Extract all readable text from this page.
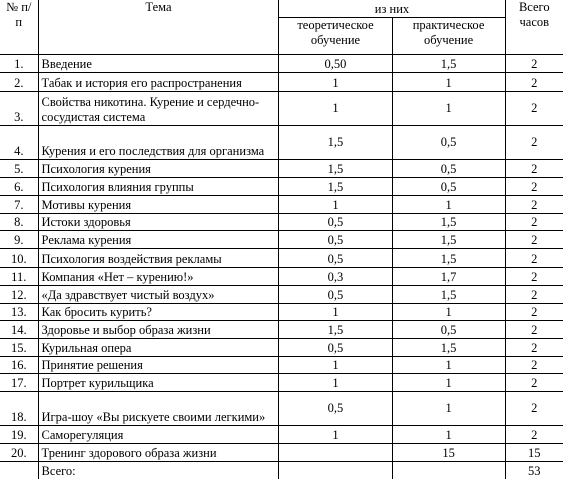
№ п/п	Тема	из них		Всего часов
		теоретическое обучение	практическое обучение	
1.	Введение	0,50	1,5	2
2.	Табак и история его распространения	1	1	2
3.	Свойства никотина. Курение и сердечно-сосудистая система	1	1	2
4.	Курения и его последствия для организма	1,5	0,5	2
5.	Психология курения	1,5	0,5	2
6.	Психология влияния группы	1,5	0,5	2
7.	Мотивы курения	1	1	2
8.	Истоки здоровья	0,5	1,5	2
9.	Реклама курения	0,5	1,5	2
10.	Психология воздействия рекламы	0,5	1,5	2
11.	Компания «Нет – курению!»	0,3	1,7	2
12.	«Да здравствует чистый воздух»	0,5	1,5	2
13.	Как бросить курить?	1	1	2
14.	Здоровье и выбор образа жизни	1,5	0,5	2
15.	Курильная опера	0,5	1,5	2
16.	Принятие решения	1	1	2
17.	Портрет курильщика	1	1	2
18.	Игра-шоу «Вы рискуете своими легкими»	0,5	1	2
19.	Саморегуляция	1	1	2
20.	Тренинг здорового образа жизни		15	15
	Всего:			53
